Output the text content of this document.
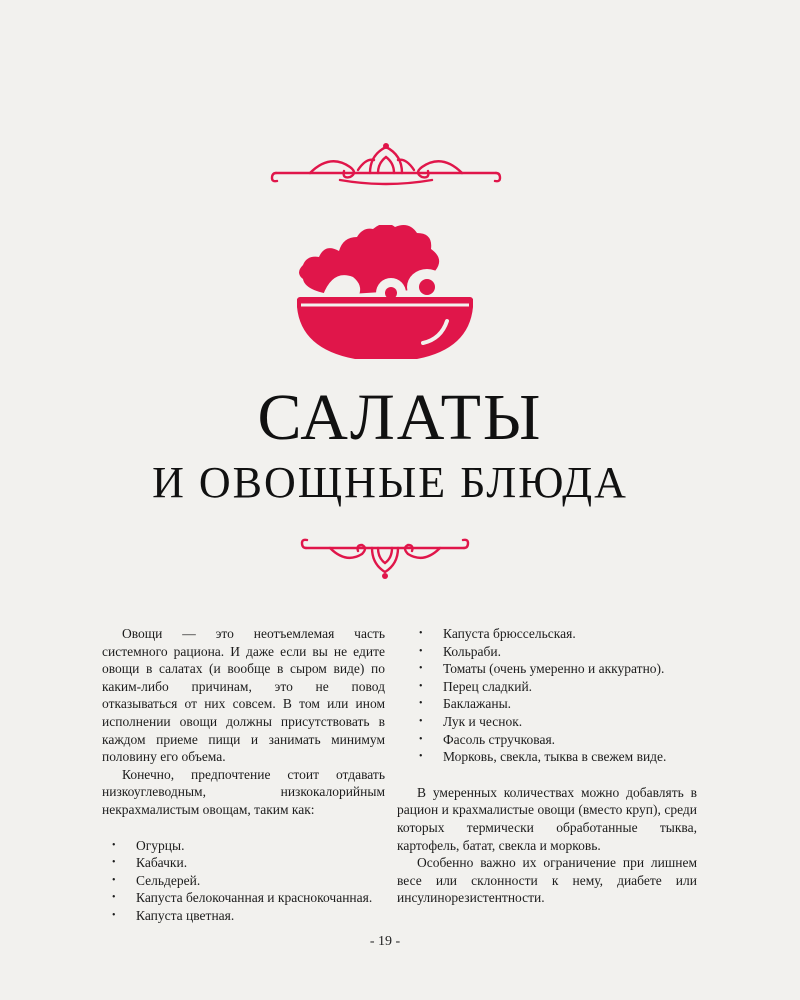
САЛАТЫ
И ОВОЩНЫЕ БЛЮДА

Овощи — это неотъемлемая часть системного рациона. И даже если вы не едите овощи в салатах (и вообще в сыром виде) по каким-либо причинам, это не повод отказываться от них совсем. В том или ином исполнении овощи должны присутствовать в каждом приеме пищи и занимать минимум половину его объема.

Конечно, предпочтение стоит отдавать низкоуглеводным, низкокалорийным некрахмалистым овощам, таким как:

• Огурцы.
• Кабачки.
• Сельдерей.
• Капуста белокочанная и краснокочанная.
• Капуста цветная.
• Капуста брюссельская.
• Кольраби.
• Томаты (очень умеренно и аккуратно).
• Перец сладкий.
• Баклажаны.
• Лук и чеснок.
• Фасоль стручковая.
• Морковь, свекла, тыква в свежем виде.

В умеренных количествах можно добавлять в рацион и крахмалистые овощи (вместо круп), среди которых термически обработанные тыква, картофель, батат, свекла и морковь.

Особенно важно их ограничение при лишнем весе или склонности к нему, диабете или инсулинорезистентности.

- 19 -
